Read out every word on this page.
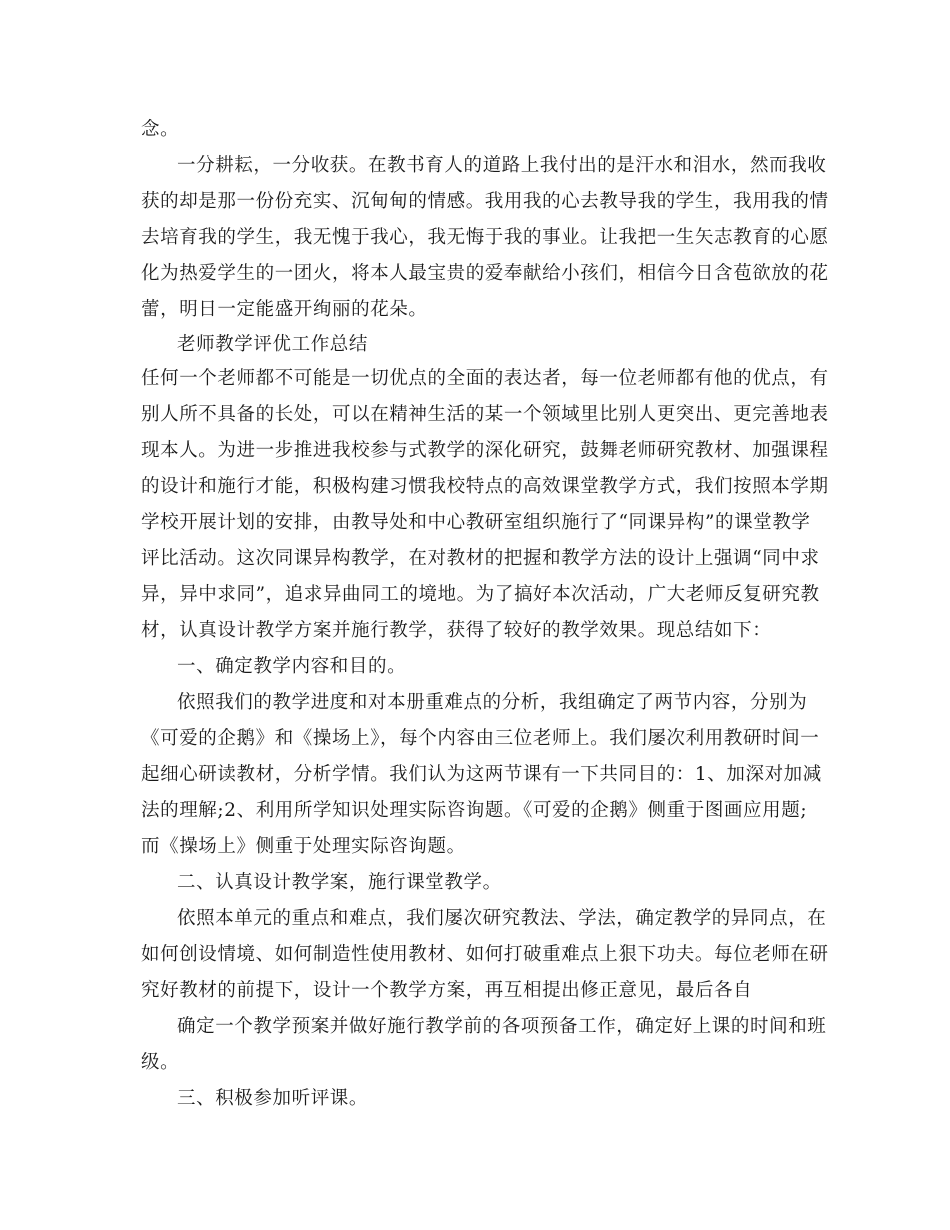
念。
一分耕耘，一分收获。在教书育人的道路上我付出的是汗水和泪水，然而我收
获的却是那一份份充实、沉甸甸的情感。我用我的心去教导我的学生，我用我的情
去培育我的学生，我无愧于我心，我无悔于我的事业。让我把一生矢志教育的心愿
化为热爱学生的一团火，将本人最宝贵的爱奉献给小孩们，相信今日含苞欲放的花
蕾，明日一定能盛开绚丽的花朵。
老师教学评优工作总结
任何一个老师都不可能是一切优点的全面的表达者，每一位老师都有他的优点，有
别人所不具备的长处，可以在精神生活的某一个领域里比别人更突出、更完善地表
现本人。为进一步推进我校参与式教学的深化研究，鼓舞老师研究教材、加强课程
的设计和施行才能，积极构建习惯我校特点的高效课堂教学方式，我们按照本学期
学校开展计划的安排，由教导处和中心教研室组织施行了“同课异构”的课堂教学
评比活动。这次同课异构教学，在对教材的把握和教学方法的设计上强调“同中求
异，异中求同”，追求异曲同工的境地。为了搞好本次活动，广大老师反复研究教
材，认真设计教学方案并施行教学，获得了较好的教学效果。现总结如下：
一、确定教学内容和目的。
依照我们的教学进度和对本册重难点的分析，我组确定了两节内容，分别为
《可爱的企鹅》和《操场上》，每个内容由三位老师上。我们屡次利用教研时间一
起细心研读教材，分析学情。我们认为这两节课有一下共同目的：1、加深对加减
法的理解;2、利用所学知识处理实际咨询题。《可爱的企鹅》侧重于图画应用题;
而《操场上》侧重于处理实际咨询题。
二、认真设计教学案，施行课堂教学。
依照本单元的重点和难点，我们屡次研究教法、学法，确定教学的异同点，在
如何创设情境、如何制造性使用教材、如何打破重难点上狠下功夫。每位老师在研
究好教材的前提下，设计一个教学方案，再互相提出修正意见，最后各自
确定一个教学预案并做好施行教学前的各项预备工作，确定好上课的时间和班
级。
三、积极参加听评课。
